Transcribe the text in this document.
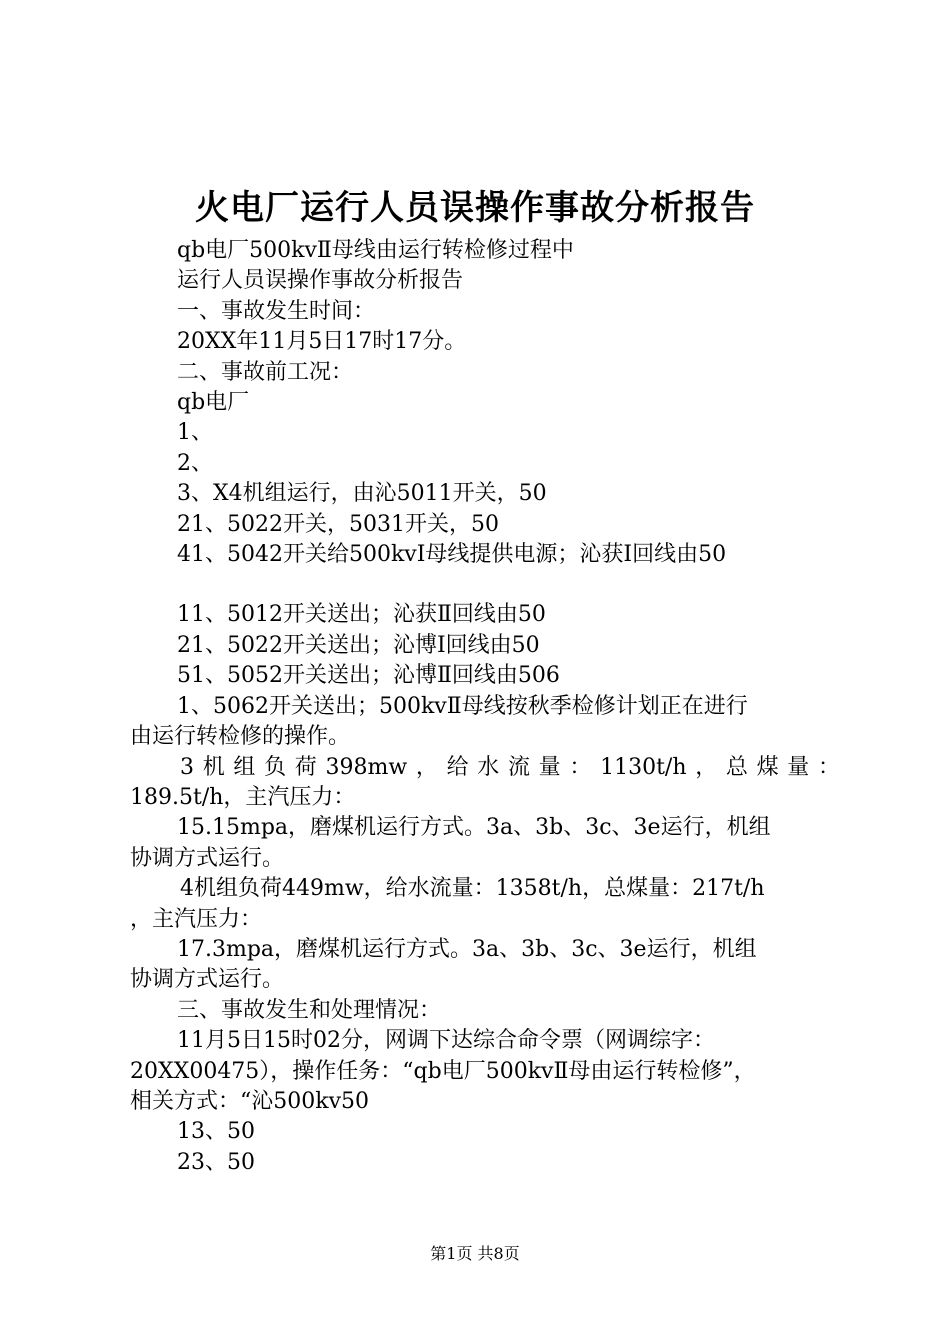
火电厂运行人员误操作事故分析报告
qb电厂500kvⅡ母线由运行转检修过程中
运行人员误操作事故分析报告
一、事故发生时间：
20XX年11月5日17时17分。
二、事故前工况：
qb电厂
1、
2、
3、X4机组运行，由沁5011开关，50
21、5022开关，5031开关，50
41、5042开关给500kvⅠ母线提供电源；沁获Ⅰ回线由50
11、5012开关送出；沁获Ⅱ回线由50
21、5022开关送出；沁博Ⅰ回线由50
51、5052开关送出；沁博Ⅱ回线由506
1、5062开关送出；500kvⅡ母线按秋季检修计划正在进行
由运行转检修的操作。
3机组负荷398mw，给水流量：1130t/h，总煤量：
189.5t/h，主汽压力：
15.15mpa，磨煤机运行方式。3a、3b、3c、3e运行，机组
协调方式运行。
4机组负荷449mw，给水流量：1358t/h，总煤量：217t/h
，主汽压力：
17.3mpa，磨煤机运行方式。3a、3b、3c、3e运行，机组
协调方式运行。
三、事故发生和处理情况：
11月5日15时02分，网调下达综合命令票（网调综字：
20XX00475），操作任务：“qb电厂500kvⅡ母由运行转检修”，
相关方式：“沁500kv50
13、50
23、50
第1页 共8页
